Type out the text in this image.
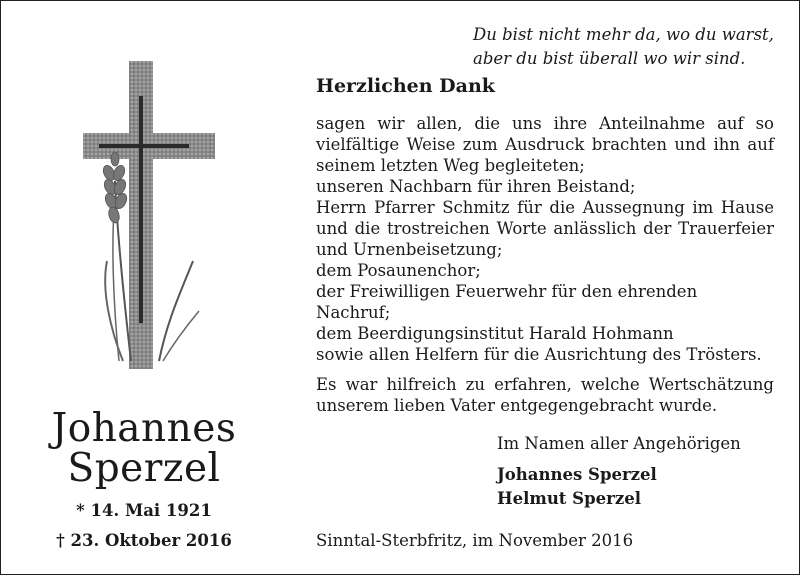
Du bist nicht mehr da, wo du warst,
aber du bist überall wo wir sind.
Herzlichen Dank

sagen wir allen, die uns ihre Anteilnahme auf so vielfältige Weise zum Ausdruck brachten und ihn auf seinem letzten Weg begleiteten;

unseren Nachbarn für ihren Beistand;

Herrn Pfarrer Schmitz für die Aussegnung im Hause und die trostreichen Worte anlässlich der Trauerfeier und Urnenbeisetzung;

dem Posaunenchor;

der Freiwilligen Feuerwehr für den ehrenden Nachruf;

dem Beerdigungsinstitut Harald Hohmann

sowie allen Helfern für die Ausrichtung des Trösters.

Es war hilfreich zu erfahren, welche Wertschätzung unserem lieben Vater entgegengebracht wurde.

Im Namen aller Angehörigen
Johannes Sperzel
Helmut Sperzel
Sinntal-Sterbfritz, im November 2016
Johannes
Sperzel
* 14. Mai 1921
† 23. Oktober 2016
